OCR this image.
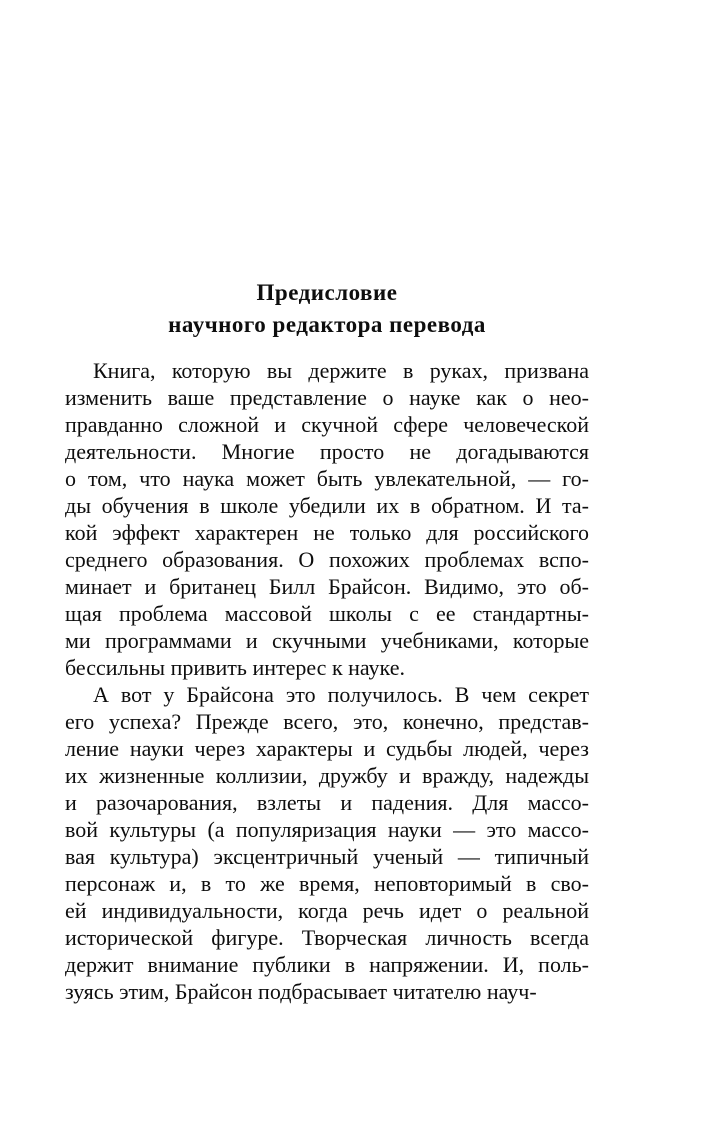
Предисловие
научного редактора перевода
Книга, которую вы держите в руках, призвана
изменить ваше представление о науке как о нео-
правданно сложной и скучной сфере человеческой
деятельности. Многие просто не догадываются
о том, что наука может быть увлекательной, — го-
ды обучения в школе убедили их в обратном. И та-
кой эффект характерен не только для российского
среднего образования. О похожих проблемах вспо-
минает и британец Билл Брайсон. Видимо, это об-
щая проблема массовой школы с ее стандартны-
ми программами и скучными учебниками, которые
бессильны привить интерес к науке.
А вот у Брайсона это получилось. В чем секрет
его успеха? Прежде всего, это, конечно, представ-
ление науки через характеры и судьбы людей, через
их жизненные коллизии, дружбу и вражду, надежды
и разочарования, взлеты и падения. Для массо-
вой культуры (а популяризация науки — это массо-
вая культура) эксцентричный ученый — типичный
персонаж и, в то же время, неповторимый в сво-
ей индивидуальности, когда речь идет о реальной
исторической фигуре. Творческая личность всегда
держит внимание публики в напряжении. И, поль-
зуясь этим, Брайсон подбрасывает читателю науч-
